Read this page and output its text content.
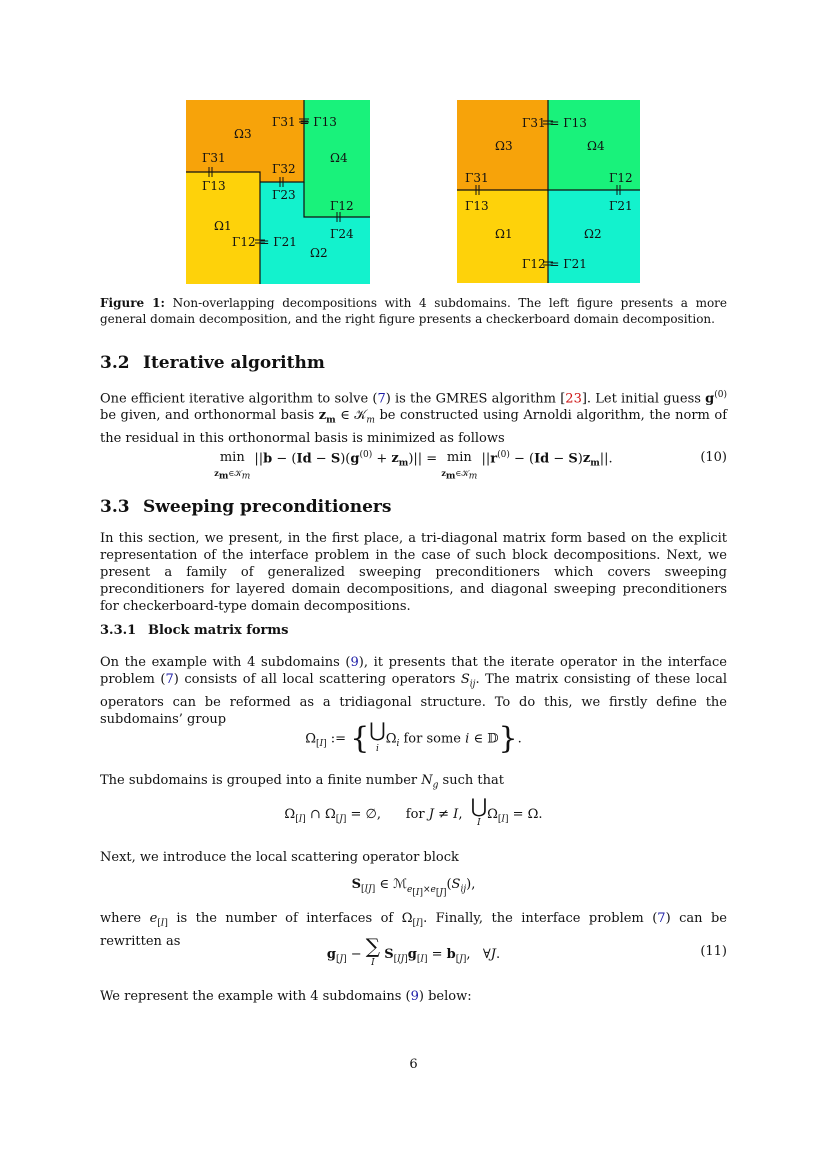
Γ31 = Γ13
Ω3
Ω4
Γ31
Γ13
Γ32
Γ23
Γ12
Ω1
Γ24
Γ12 = Γ21
Ω2
Γ31 = Γ13
Ω3	Ω4
Γ31	Γ12
Γ13	Γ21
Ω1	Ω2
Γ12 = Γ21
Figure 1: Non-overlapping decompositions with 4 subdomains. The left figure presents a more general domain decomposition, and the right figure presents a checkerboard domain decomposition.
3.2 Iterative algorithm
One efficient iterative algorithm to solve (7) is the GMRES algorithm [23]. Let initial guess $g^{(0)}$ be given, and orthonormal basis $z_m$ ∈ 𝒦$_m$ be constructed using Arnoldi algorithm, the norm of the residual in this orthonormal basis is minimized as follows
min
$z_m\in 𝒦_m$ $||b - (Id - S)(g^{(0)} + z_m)|| = \min$
$z_m\in 𝒦_m$ $||r^{(0)} - (Id - S)z_m||$.	(10)
3.3 Sweeping preconditioners
In this section, we present, in the first place, a tri-diagonal matrix form based on the explicit representation of the interface problem in the case of such block decompositions. Next, we present a family of generalized sweeping preconditioners which covers sweeping preconditioners for layered domain decompositions, and diagonal sweeping preconditioners for checkerboard-type domain decompositions.
3.3.1 Block matrix forms
On the example with 4 subdomains (9), it presents that the iterate operator in the interface problem (7) consists of all local scattering operators $S_{ij}$. The matrix consisting of these local operators can be reformed as a tridiagonal structure. To do this, we firstly define the subdomains’ group
$\Omega_{[I]}$ := {⋃
$i\Omega_i$ for some i ∈ 𝔻}.
The subdomains is grouped into a finite number $N_g$ such that
$\Omega_{[I]}$ ∩ $\Omega_{[J]}$ = ∅,      for J ≠ I,  ⋃
$I\Omega_{[I]} = \Omega$.
Next, we introduce the local scattering operator block
$S_{[IJ]}$ ∈ $ℳ_{e_{[I]}\times e_{[J]}}(S_{ij})$,
where $e_{[I]}$ is the number of interfaces of $\Omega_{[I]}$. Finally, the interface problem (7) can be rewritten as
$g_{[J]}$ − ∑
I $S_{[IJ]}g_{[I]} = b_{[J]}$,   ∀J.	(11)
We represent the example with 4 subdomains (9) below:
6
